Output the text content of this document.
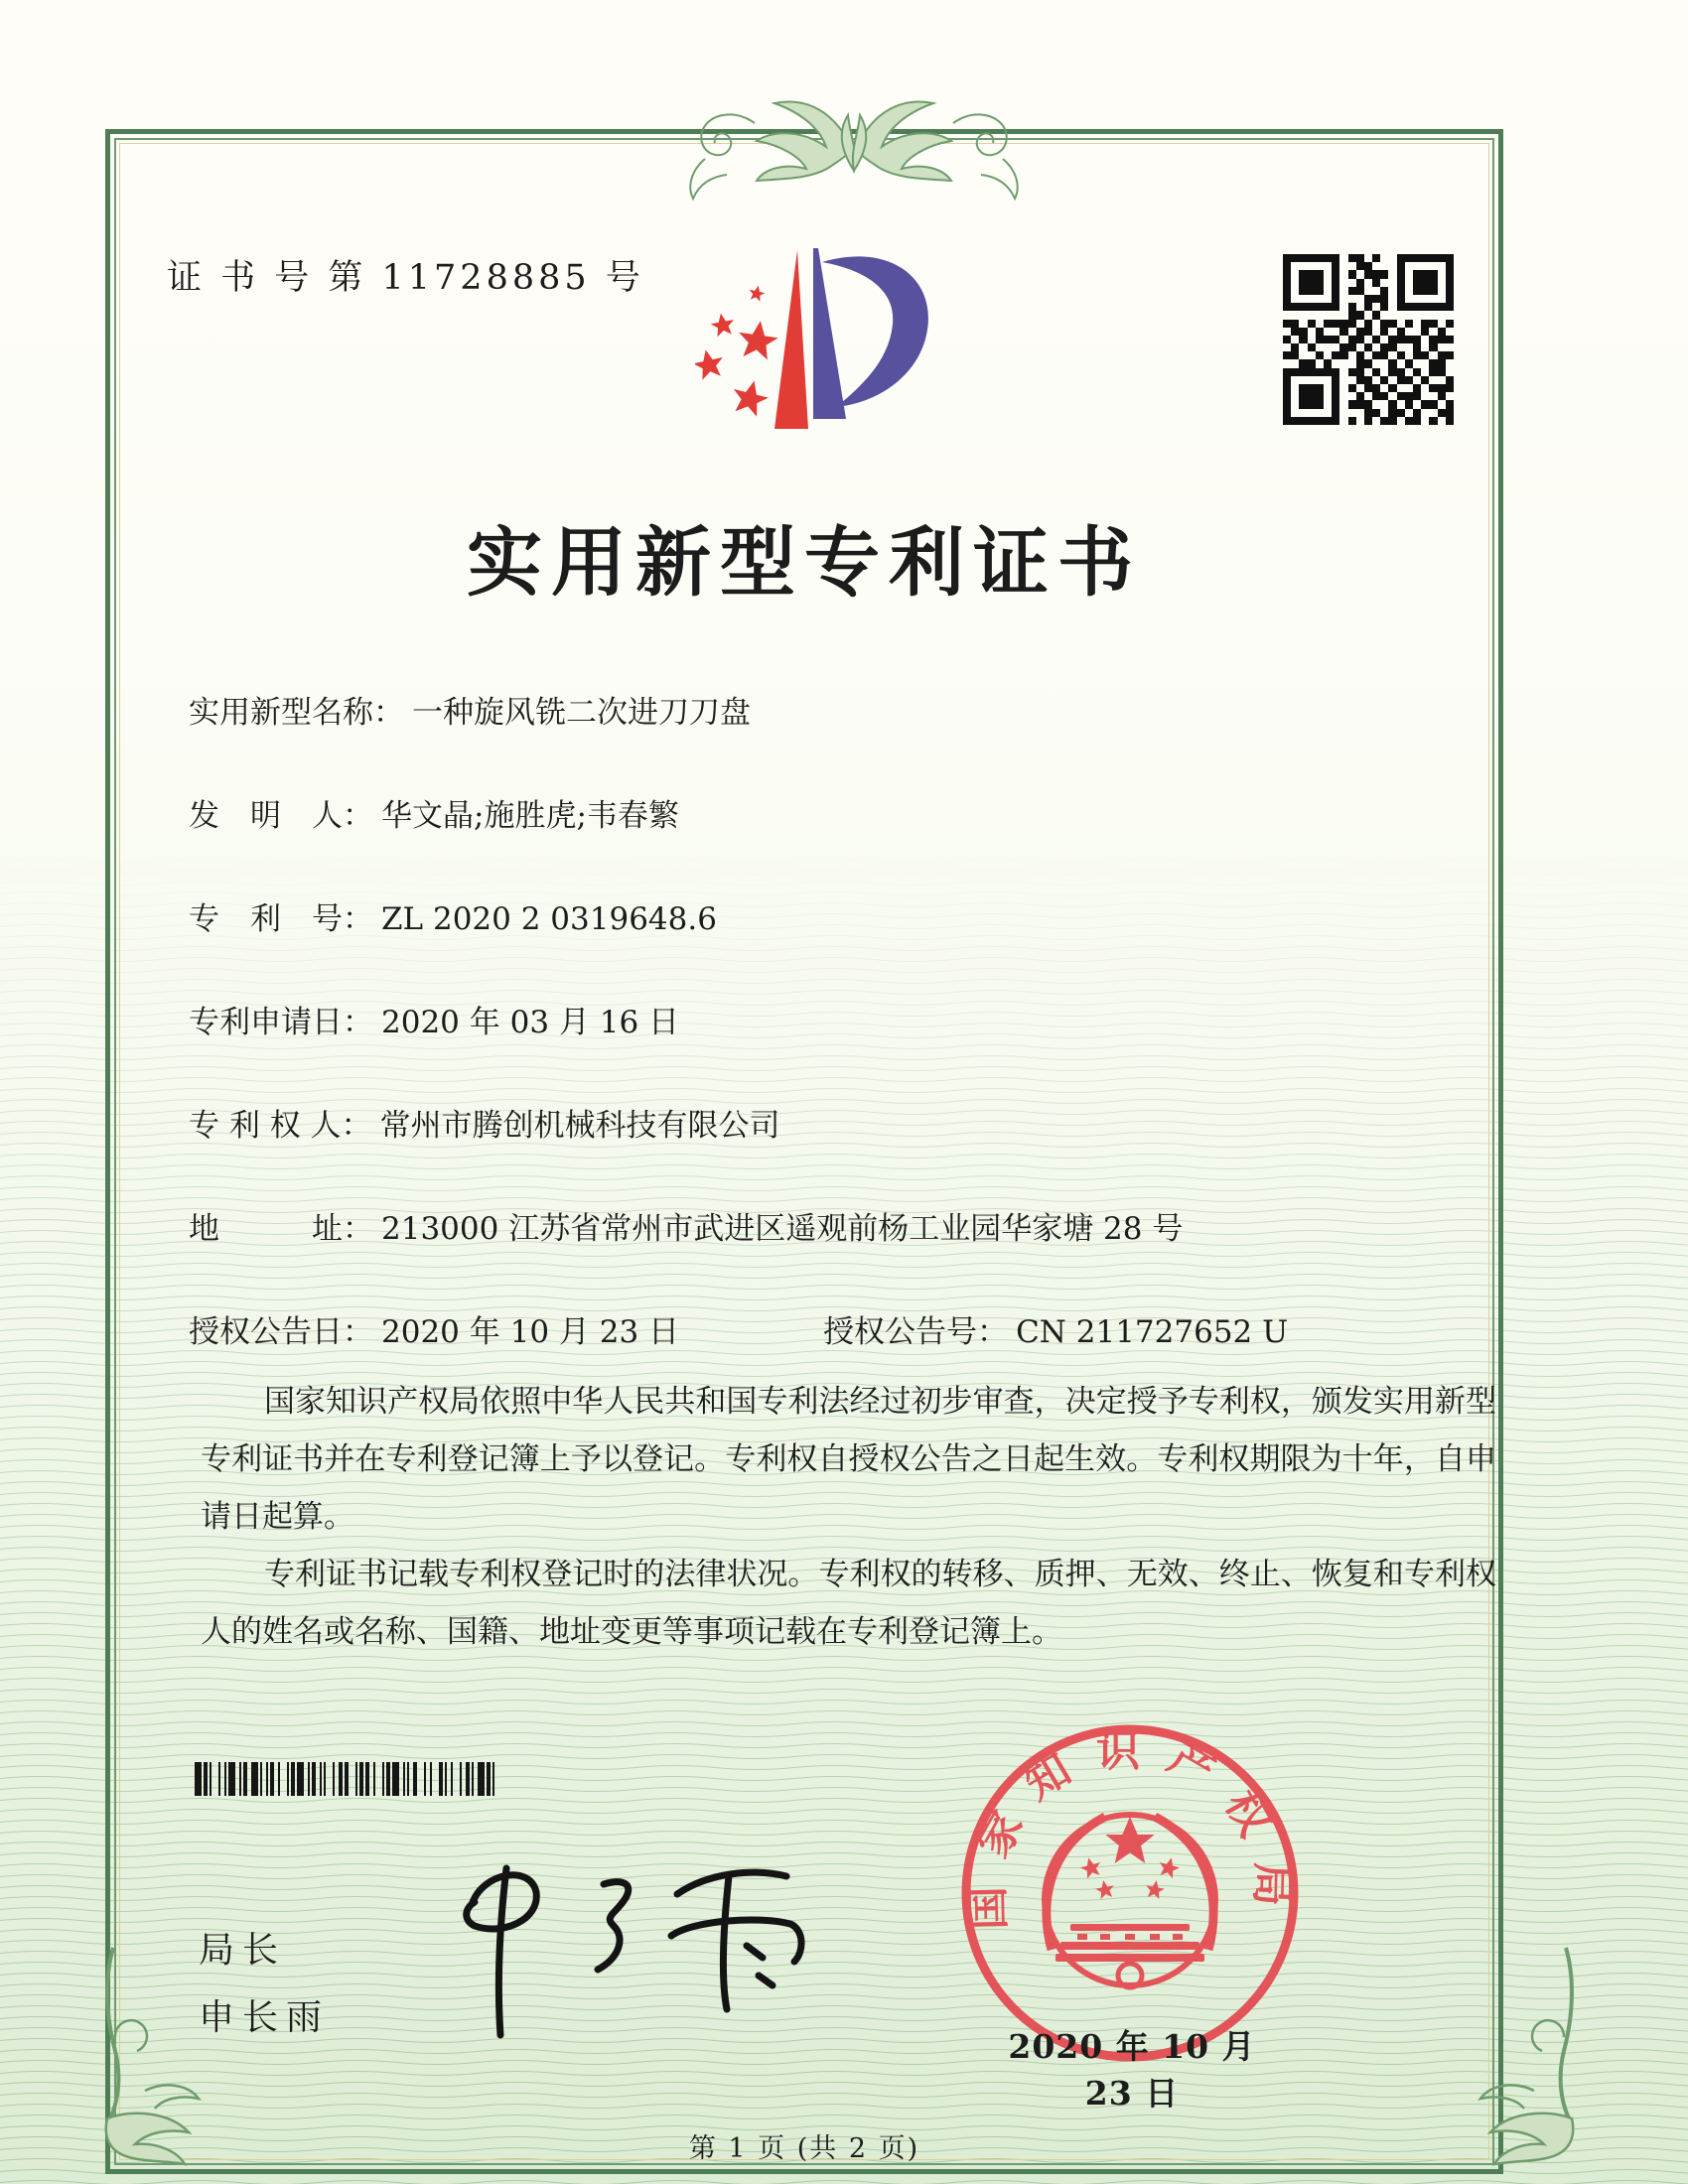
证 书 号 第 11728885 号
实用新型专利证书
实用新型名称： 一种旋风铣二次进刀刀盘
发　明　人： 华文晶;施胜虎;韦春繁
专　利　号： ZL 2020 2 0319648.6
专利申请日： 2020 年 03 月 16 日
专 利 权 人： 常州市腾创机械科技有限公司
地　　　址： 213000 江苏省常州市武进区遥观前杨工业园华家塘 28 号
授权公告日： 2020 年 10 月 23 日	授权公告号： CN 211727652 U

国家知识产权局依照中华人民共和国专利法经过初步审查，决定授予专利权，颁发实用新型专利证书并在专利登记簿上予以登记。专利权自授权公告之日起生效。专利权期限为十年，自申请日起算。

专利证书记载专利权登记时的法律状况。专利权的转移、质押、无效、终止、恢复和专利权人的姓名或名称、国籍、地址变更等事项记载在专利登记簿上。

局长
申长雨
国家知识产权局
2020 年 10 月 23 日
第 1 页 (共 2 页)
